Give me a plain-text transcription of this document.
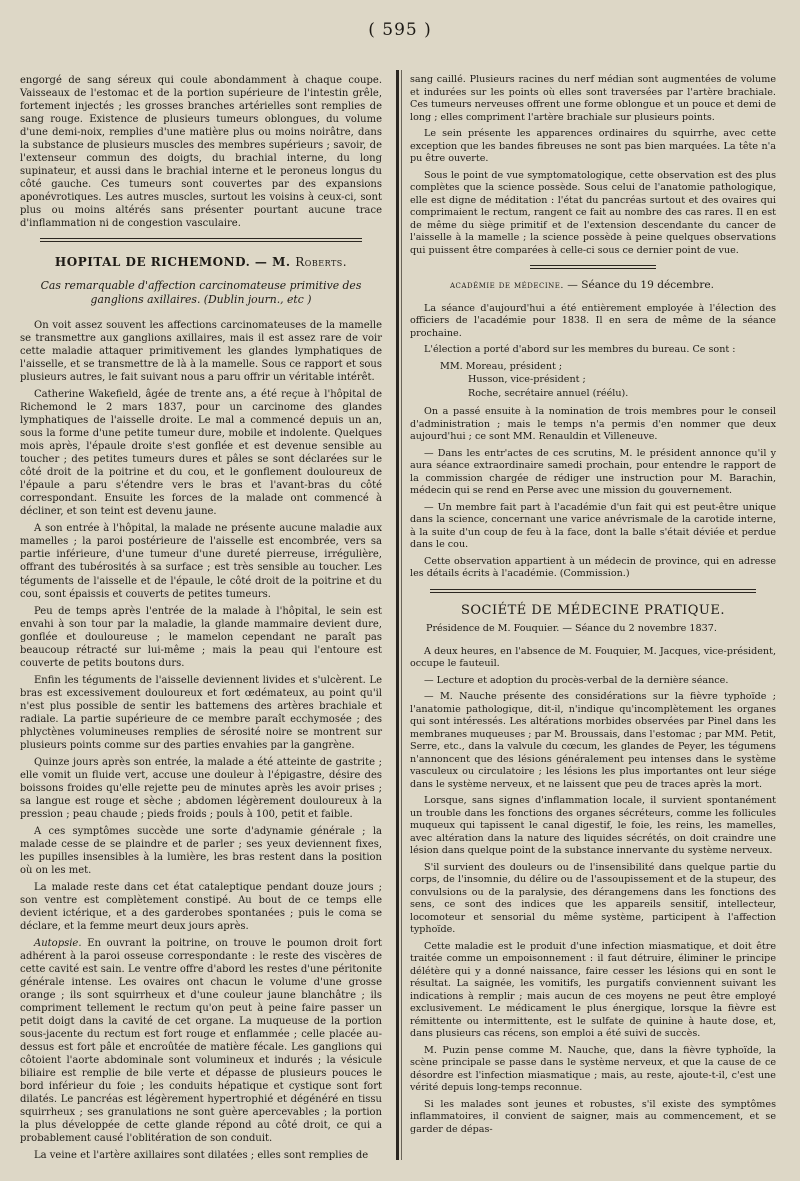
( 595 )

engorgé de sang séreux qui coule abondamment à chaque coupe. Vaisseaux de l'estomac et de la portion supérieure de l'intestin grêle, fortement injectés ; les grosses branches artérielles sont remplies de sang rouge. Existence de plusieurs tumeurs oblongues, du volume d'une demi-noix, remplies d'une matière plus ou moins noirâtre, dans la substance de plusieurs muscles des membres supérieurs ; savoir, de l'extenseur commun des doigts, du brachial interne, du long supinateur, et aussi dans le brachial interne et le peroneus longus du côté gauche. Ces tumeurs sont couvertes par des expansions aponévrotiques. Les autres muscles, surtout les voisins à ceux-ci, sont plus ou moins altérés sans présenter pourtant aucune trace d'inflammation ni de congestion vasculaire.

HOPITAL DE RICHEMOND. — M. Roberts.
Cas remarquable d'affection carcinomateuse primitive des ganglions axillaires. (Dublin journ., etc )

On voit assez souvent les affections carcinomateuses de la mamelle se transmettre aux ganglions axillaires, mais il est assez rare de voir cette maladie attaquer primitivement les glandes lymphatiques de l'aisselle, et se transmettre de là à la mamelle. Sous ce rapport et sous plusieurs autres, le fait suivant nous a paru offrir un véritable intérêt.

Catherine Wakefield, âgée de trente ans, a été reçue à l'hôpital de Richemond le 2 mars 1837, pour un carcinome des glandes lymphatiques de l'aisselle droite. Le mal a commencé depuis un an, sous la forme d'une petite tumeur dure, mobile et indolente. Quelques mois après, l'épaule droite s'est gonflée et est devenue sensible au toucher ; des petites tumeurs dures et pâles se sont déclarées sur le côté droit de la poitrine et du cou, et le gonflement douloureux de l'épaule a paru s'étendre vers le bras et l'avant-bras du côté correspondant. Ensuite les forces de la malade ont commencé à décliner, et son teint est devenu jaune.

A son entrée à l'hôpital, la malade ne présente aucune maladie aux mamelles ; la paroi postérieure de l'aisselle est encombrée, vers sa partie inférieure, d'une tumeur d'une dureté pierreuse, irrégulière, offrant des tubérosités à sa surface ; est très sensible au toucher. Les téguments de l'aisselle et de l'épaule, le côté droit de la poitrine et du cou, sont épaissis et couverts de petites tumeurs.

Peu de temps après l'entrée de la malade à l'hôpital, le sein est envahi à son tour par la maladie, la glande mammaire devient dure, gonflée et douloureuse ; le mamelon cependant ne paraît pas beaucoup rétracté sur lui-même ; mais la peau qui l'entoure est couverte de petits boutons durs.

Enfin les téguments de l'aisselle deviennent livides et s'ulcèrent. Le bras est excessivement douloureux et fort œdémateux, au point qu'il n'est plus possible de sentir les battemens des artères brachiale et radiale. La partie supérieure de ce membre paraît ecchymosée ; des phlyctènes volumineuses remplies de sérosité noire se montrent sur plusieurs points comme sur des parties envahies par la gangrène.

Quinze jours après son entrée, la malade a été atteinte de gastrite ; elle vomit un fluide vert, accuse une douleur à l'épigastre, désire des boissons froides qu'elle rejette peu de minutes après les avoir prises ; sa langue est rouge et sèche ; abdomen légèrement douloureux à la pression ; peau chaude ; pieds froids ; pouls à 100, petit et faible.

A ces symptômes succède une sorte d'adynamie générale ; la malade cesse de se plaindre et de parler ; ses yeux deviennent fixes, les pupilles insensibles à la lumière, les bras restent dans la position où on les met.

La malade reste dans cet état cataleptique pendant douze jours ; son ventre est complètement constipé. Au bout de ce temps elle devient ictérique, et a des garderobes spontanées ; puis le coma se déclare, et la femme meurt deux jours après.

Autopsie. En ouvrant la poitrine, on trouve le poumon droit fort adhérent à la paroi osseuse correspondante : le reste des viscères de cette cavité est sain. Le ventre offre d'abord les restes d'une péritonite générale intense. Les ovaires ont chacun le volume d'une grosse orange ; ils sont squirrheux et d'une couleur jaune blanchâtre ; ils compriment tellement le rectum qu'on peut à peine faire passer un petit doigt dans la cavité de cet organe. La muqueuse de la portion sous-jacente du rectum est fort rouge et enflammée ; celle placée au-dessus est fort pâle et encroûtée de matière fécale. Les ganglions qui côtoient l'aorte abdominale sont volumineux et indurés ; la vésicule biliaire est remplie de bile verte et dépasse de plusieurs pouces le bord inférieur du foie ; les conduits hépatique et cystique sont fort dilatés. Le pancréas est légèrement hypertrophié et dégénéré en tissu squirrheux ; ses granulations ne sont guère apercevables ; la portion la plus développée de cette glande répond au côté droit, ce qui a probablement causé l'oblitération de son conduit.

La veine et l'artère axillaires sont dilatées ; elles sont remplies de

sang caillé. Plusieurs racines du nerf médian sont augmentées de volume et indurées sur les points où elles sont traversées par l'artère brachiale. Ces tumeurs nerveuses offrent une forme oblongue et un pouce et demi de long ; elles compriment l'artère brachiale sur plusieurs points.

Le sein présente les apparences ordinaires du squirrhe, avec cette exception que les bandes fibreuses ne sont pas bien marquées. La tête n'a pu être ouverte.

Sous le point de vue symptomatologique, cette observation est des plus complètes que la science possède. Sous celui de l'anatomie pathologique, elle est digne de méditation : l'état du pancréas surtout et des ovaires qui comprimaient le rectum, rangent ce fait au nombre des cas rares. Il en est de même du siège primitif et de l'extension descendante du cancer de l'aisselle à la mamelle ; la science possède à peine quelques observations qui puissent être comparées à celle-ci sous ce dernier point de vue.

académie de médecine. — Séance du 19 décembre.

La séance d'aujourd'hui a été entièrement employée à l'élection des officiers de l'académie pour 1838. Il en sera de même de la séance prochaine.

L'élection a porté d'abord sur les membres du bureau. Ce sont :

MM. Moreau, président ;

Husson, vice-président ;

Roche, secrétaire annuel (réélu).

On a passé ensuite à la nomination de trois membres pour le conseil d'administration ; mais le temps n'a permis d'en nommer que deux aujourd'hui ; ce sont MM. Renauldin et Villeneuve.

— Dans les entr'actes de ces scrutins, M. le président annonce qu'il y aura séance extraordinaire samedi prochain, pour entendre le rapport de la commission chargée de rédiger une instruction pour M. Barachin, médecin qui se rend en Perse avec une mission du gouvernement.

— Un membre fait part à l'académie d'un fait qui est peut-être unique dans la science, concernant une varice anévrismale de la carotide interne, à la suite d'un coup de feu à la face, dont la balle s'était déviée et perdue dans le cou.

Cette observation appartient à un médecin de province, qui en adresse les détails écrits à l'académie. (Commission.)

SOCIÉTÉ DE MÉDECINE PRATIQUE.

Présidence de M. Fouquier. — Séance du 2 novembre 1837.

A deux heures, en l'absence de M. Fouquier, M. Jacques, vice-président, occupe le fauteuil.

— Lecture et adoption du procès-verbal de la dernière séance.

— M. Nauche présente des considérations sur la fièvre typhoïde ; l'anatomie pathologique, dit-il, n'indique qu'incomplètement les organes qui sont intéressés. Les altérations morbides observées par Pinel dans les membranes muqueuses ; par M. Broussais, dans l'estomac ; par MM. Petit, Serre, etc., dans la valvule du cœcum, les glandes de Peyer, les tégumens n'annoncent que des lésions généralement peu intenses dans le système vasculeux ou circulatoire ; les lésions les plus importantes ont leur siége dans le système nerveux, et ne laissent que peu de traces après la mort.

Lorsque, sans signes d'inflammation locale, il survient spontanément un trouble dans les fonctions des organes sécréteurs, comme les follicules muqueux qui tapissent le canal digestif, le foie, les reins, les mamelles, avec altération dans la nature des liquides sécrétés, on doit craindre une lésion dans quelque point de la substance innervante du système nerveux.

S'il survient des douleurs ou de l'insensibilité dans quelque partie du corps, de l'insomnie, du délire ou de l'assoupissement et de la stupeur, des convulsions ou de la paralysie, des dérangemens dans les fonctions des sens, ce sont des indices que les appareils sensitif, intellecteur, locomoteur et sensorial du même système, participent à l'affection typhoïde.

Cette maladie est le produit d'une infection miasmatique, et doit être traitée comme un empoisonnement : il faut détruire, éliminer le principe délétère qui y a donné naissance, faire cesser les lésions qui en sont le résultat. La saignée, les vomitifs, les purgatifs conviennent suivant les indications à remplir ; mais aucun de ces moyens ne peut être employé exclusivement. Le médicament le plus énergique, lorsque la fièvre est rémittente ou intermittente, est le sulfate de quinine à haute dose, et, dans plusieurs cas récens, son emploi a été suivi de succès.

M. Puzin pense comme M. Nauche, que, dans la fièvre typhoïde, la scène principale se passe dans le système nerveux, et que la cause de ce désordre est l'infection miasmatique ; mais, au reste, ajoute-t-il, c'est une vérité depuis long-temps reconnue.

Si les malades sont jeunes et robustes, s'il existe des symptômes inflammatoires, il convient de saigner, mais au commencement, et se garder de dépas-
